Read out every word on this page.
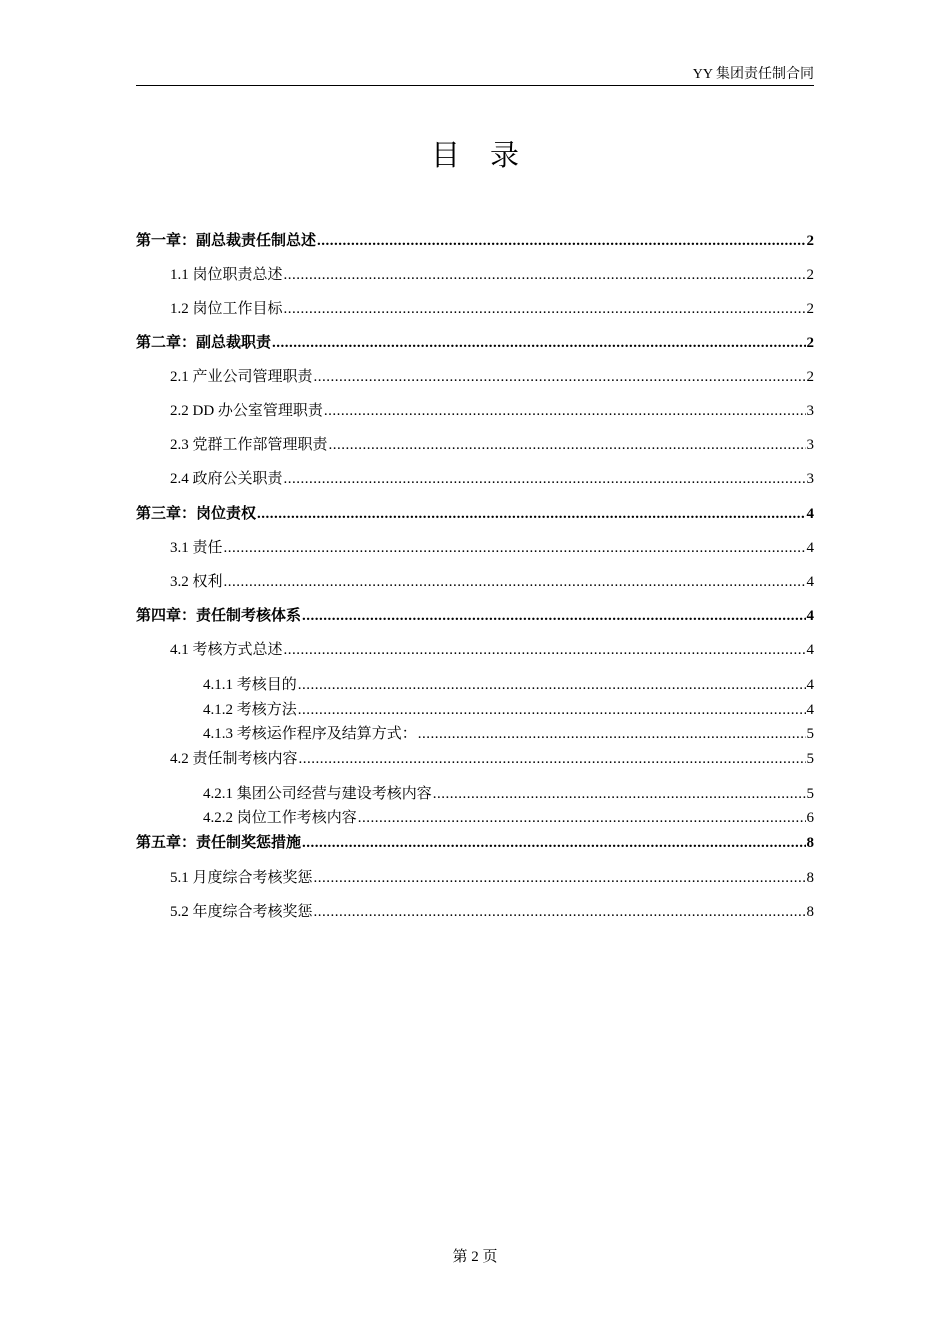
YY 集团责任制合同
目录
第一章：副总裁责任制总述 .....	2
1.1 岗位职责总述 .....	2
1.2 岗位工作目标 .....	2
第二章：副总裁职责 .....	2
2.1 产业公司管理职责 .....	2
2.2 DD 办公室管理职责 .....	3
2.3 党群工作部管理职责 .....	3
2.4 政府公关职责 .....	3
第三章：岗位责权 .....	4
3.1 责任 .....	4
3.2 权利 .....	4
第四章：责任制考核体系 .....	4
4.1 考核方式总述 .....	4
4.1.1 考核目的 .....	4
4.1.2 考核方法 .....	4
4.1.3 考核运作程序及结算方式： .....	5
4.2 责任制考核内容 .....	5
4.2.1 集团公司经营与建设考核内容 .....	5
4.2.2 岗位工作考核内容 .....	6
第五章：责任制奖惩措施 .....	8
5.1 月度综合考核奖惩 .....	8
5.2 年度综合考核奖惩 .....	8
第 2 页
